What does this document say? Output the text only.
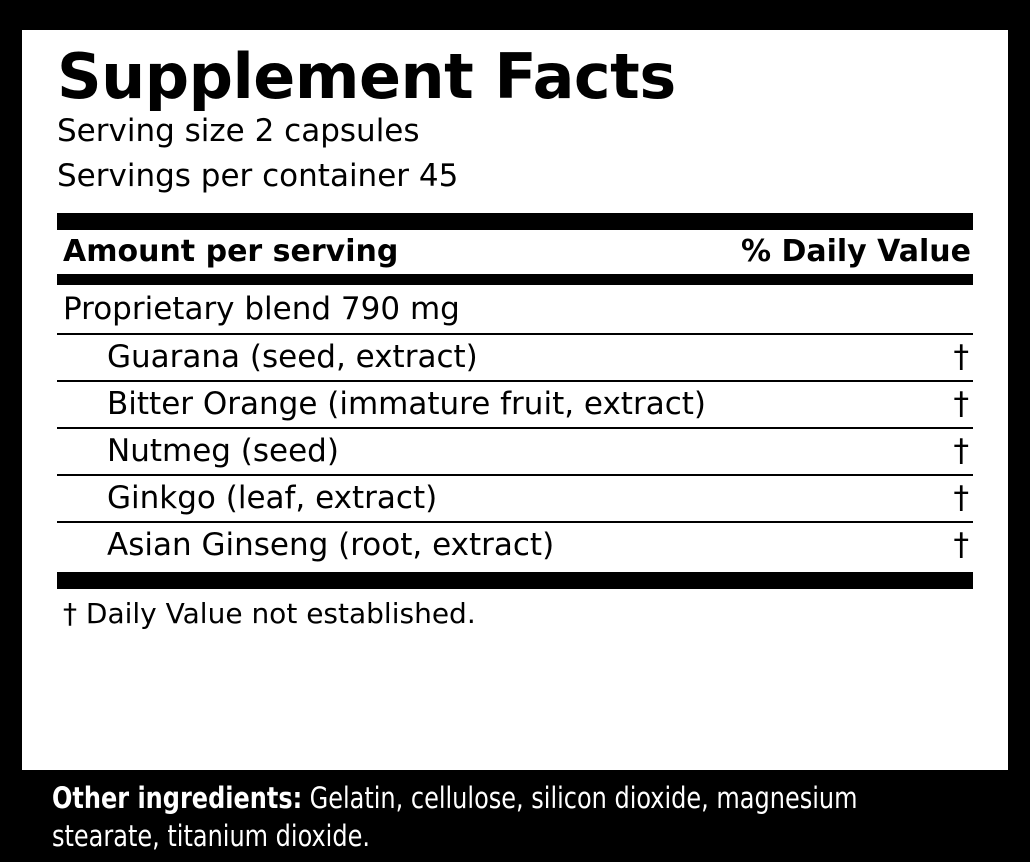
Supplement Facts
Serving size 2 capsules
Servings per container 45
Amount per serving	% Daily Value
Proprietary blend 790 mg
Guarana (seed, extract)	†
Bitter Orange (immature fruit, extract)	†
Nutmeg (seed)	†
Ginkgo (leaf, extract)	†
Asian Ginseng (root, extract)	†
† Daily Value not established.
Other ingredients: Gelatin, cellulose, silicon dioxide, magnesium stearate, titanium dioxide.
